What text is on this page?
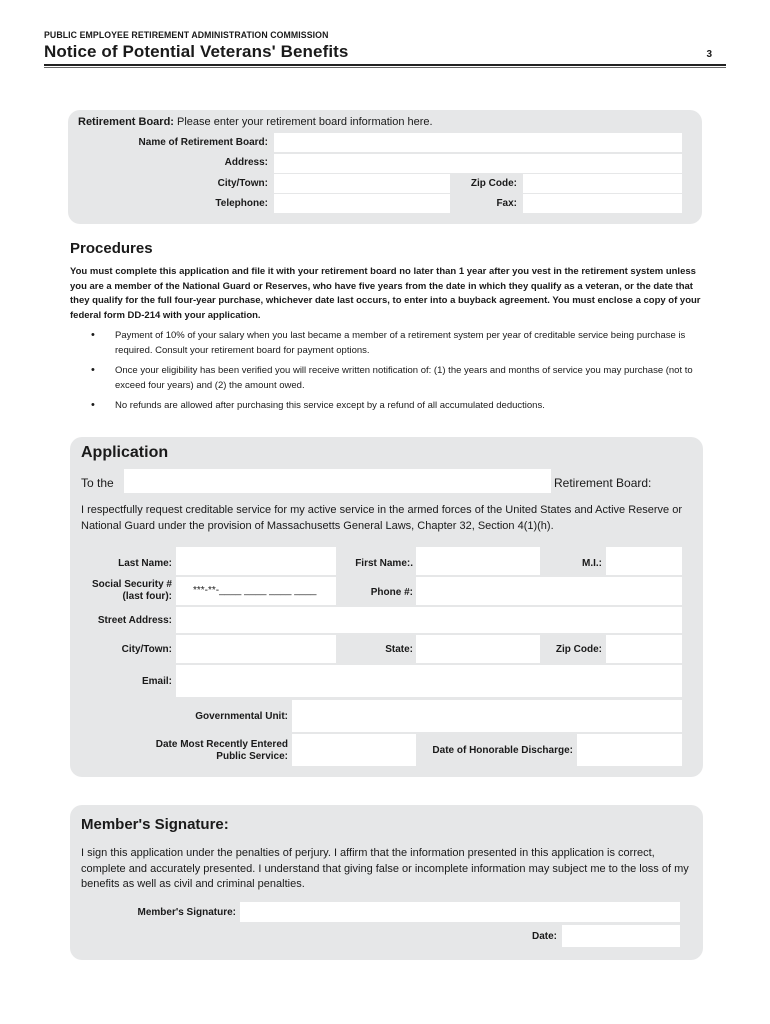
PUBLIC EMPLOYEE RETIREMENT ADMINISTRATION COMMISSION
Notice of Potential Veterans' Benefits	3
Retirement Board: Please enter your retirement board information here.
Name of Retirement Board:
Address:
City/Town:	Zip Code:
Telephone:	Fax:
Procedures
You must complete this application and file it with your retirement board no later than 1 year after you vest in the retirement system unless you are a member of the National Guard or Reserves, who have five years from the date in which they qualify as a veteran, or the date that they qualify for the full four-year purchase, whichever date last occurs, to enter into a buyback agreement. You must enclose a copy of your federal form DD-214 with your application.
• Payment of 10% of your salary when you last became a member of a retirement system per year of creditable service being purchase is required. Consult your retirement board for payment options.
• Once your eligibility has been verified you will receive written notification of: (1) the years and months of service you may purchase (not to exceed four years) and (2) the amount owed.
• No refunds are allowed after purchasing this service except by a refund of all accumulated deductions.
Application
To the	Retirement Board:
I respectfully request creditable service for my active service in the armed forces of the United States and Active Reserve or National Guard under the provision of Massachusetts General Laws, Chapter 32, Section 4(1)(h).
Last Name:	First Name:.	M.I.:
Social Security #
(last four):
***-**-____ ____ ____ ____	Phone #:
Street Address:
City/Town:	State:	Zip Code:
Email:
Governmental Unit:
Date Most Recently Entered
Public Service:
Date of Honorable Discharge:
Member's Signature:
I sign this application under the penalties of perjury. I affirm that the information presented in this application is correct, complete and accurately presented. I understand that giving false or incomplete information may subject me to the loss of my benefits as well as civil and criminal penalties.
Member's Signature:
Date:
